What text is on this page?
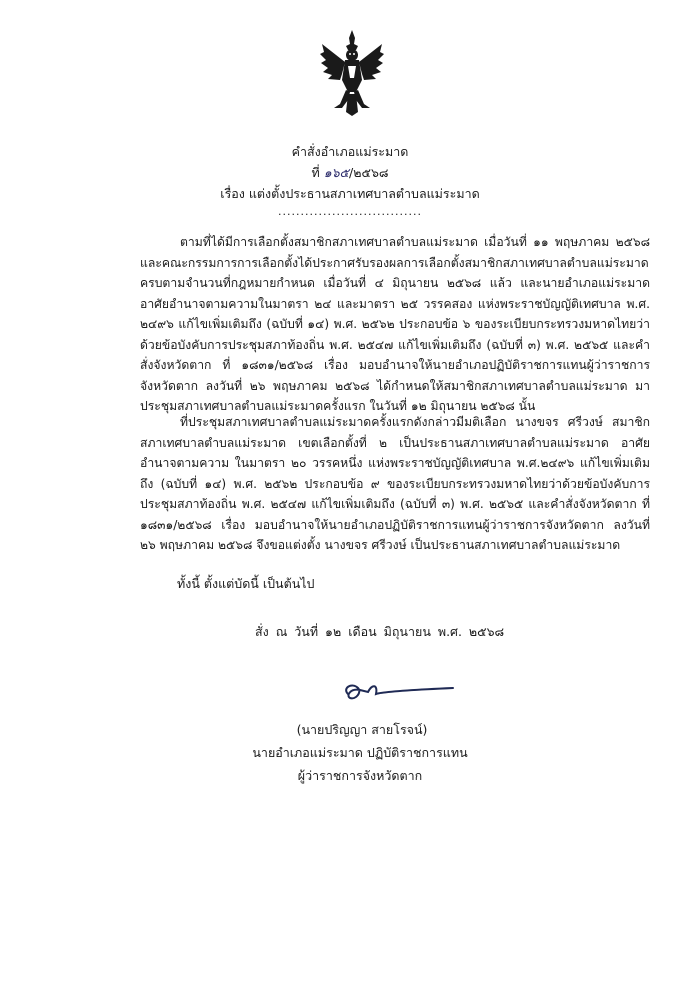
คำสั่งอำเภอแม่ระมาด
ที่ ๑๖๕/๒๕๖๘
เรื่อง แต่งตั้งประธานสภาเทศบาลตำบลแม่ระมาด
................................

ตามที่ได้มีการเลือกตั้งสมาชิกสภาเทศบาลตำบลแม่ระมาด เมื่อวันที่ ๑๑ พฤษภาคม ๒๕๖๘ และคณะกรรมการการเลือกตั้งได้ประกาศรับรองผลการเลือกตั้งสมาชิกสภาเทศบาลตำบลแม่ระมาด ครบตามจำนวนที่กฎหมายกำหนด เมื่อวันที่ ๔ มิถุนายน ๒๕๖๘ แล้ว และนายอำเภอแม่ระมาด อาศัยอำนาจตามความในมาตรา ๒๔ และมาตรา ๒๕ วรรคสอง แห่งพระราชบัญญัติเทศบาล พ.ศ. ๒๔๙๖ แก้ไขเพิ่มเติมถึง (ฉบับที่ ๑๔) พ.ศ. ๒๕๖๒ ประกอบข้อ ๖ ของระเบียบกระทรวงมหาดไทยว่าด้วยข้อบังคับการประชุมสภาท้องถิ่น พ.ศ. ๒๕๔๗ แก้ไขเพิ่มเติมถึง (ฉบับที่ ๓) พ.ศ. ๒๕๖๕ และคำสั่งจังหวัดตาก ที่ ๑๘๓๑/๒๕๖๘ เรื่อง มอบอำนาจให้นายอำเภอปฏิบัติราชการแทนผู้ว่าราชการจังหวัดตาก ลงวันที่ ๒๖ พฤษภาคม ๒๕๖๘ ได้กำหนดให้สมาชิกสภาเทศบาลตำบลแม่ระมาด มาประชุมสภาเทศบาลตำบลแม่ระมาดครั้งแรก ในวันที่ ๑๒ มิถุนายน ๒๕๖๘ นั้น

ที่ประชุมสภาเทศบาลตำบลแม่ระมาดครั้งแรกดังกล่าวมีมติเลือก นางขจร ศรีวงษ์ สมาชิกสภาเทศบาลตำบลแม่ระมาด เขตเลือกตั้งที่ ๒ เป็นประธานสภาเทศบาลตำบลแม่ระมาด อาศัยอำนาจตามความ ในมาตรา ๒๐ วรรคหนึ่ง แห่งพระราชบัญญัติเทศบาล พ.ศ.๒๔๙๖ แก้ไขเพิ่มเติมถึง (ฉบับที่ ๑๔) พ.ศ. ๒๕๖๒ ประกอบข้อ ๙ ของระเบียบกระทรวงมหาดไทยว่าด้วยข้อบังคับการประชุมสภาท้องถิ่น พ.ศ. ๒๕๔๗ แก้ไขเพิ่มเติมถึง (ฉบับที่ ๓) พ.ศ. ๒๕๖๕ และคำสั่งจังหวัดตาก ที่ ๑๘๓๑/๒๕๖๘ เรื่อง มอบอำนาจให้นายอำเภอปฏิบัติราชการแทนผู้ว่าราชการจังหวัดตาก ลงวันที่ ๒๖ พฤษภาคม ๒๕๖๘ จึงขอแต่งตั้ง นางขจร ศรีวงษ์ เป็นประธานสภาเทศบาลตำบลแม่ระมาด

ทั้งนี้ ตั้งแต่บัดนี้ เป็นต้นไป
สั่ง ณ วันที่ ๑๒ เดือน มิถุนายน พ.ศ. ๒๕๖๘
(นายปริญญา สายโรจน์)
นายอำเภอแม่ระมาด ปฏิบัติราชการแทน
ผู้ว่าราชการจังหวัดตาก
